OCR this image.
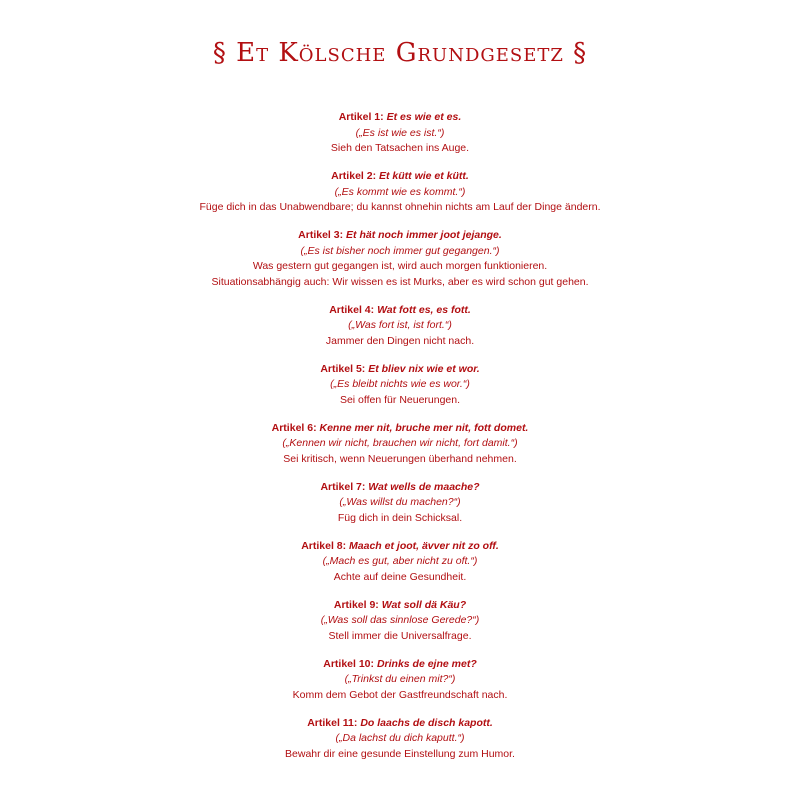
§ Et Kölsche Grundgesetz §
Artikel 1: Et es wie et es.
(„Es ist wie es ist.“)
Sieh den Tatsachen ins Auge.
Artikel 2: Et kütt wie et kütt.
(„Es kommt wie es kommt.“)
Füge dich in das Unabwendbare; du kannst ohnehin nichts am Lauf der Dinge ändern.
Artikel 3: Et hät noch immer joot jejange.
(„Es ist bisher noch immer gut gegangen.“)
Was gestern gut gegangen ist, wird auch morgen funktionieren.
Situationsabhängig auch: Wir wissen es ist Murks, aber es wird schon gut gehen.
Artikel 4: Wat fott es, es fott.
(„Was fort ist, ist fort.“)
Jammer den Dingen nicht nach.
Artikel 5: Et bliev nix wie et wor.
(„Es bleibt nichts wie es wor.“)
Sei offen für Neuerungen.
Artikel 6: Kenne mer nit, bruche mer nit, fott domet.
(„Kennen wir nicht, brauchen wir nicht, fort damit.“)
Sei kritisch, wenn Neuerungen überhand nehmen.
Artikel 7: Wat wells de maache?
(„Was willst du machen?“)
Füg dich in dein Schicksal.
Artikel 8: Maach et joot, ävver nit zo off.
(„Mach es gut, aber nicht zu oft.“)
Achte auf deine Gesundheit.
Artikel 9: Wat soll dä Käu?
(„Was soll das sinnlose Gerede?“)
Stell immer die Universalfrage.
Artikel 10: Drinks de ejne met?
(„Trinkst du einen mit?“)
Komm dem Gebot der Gastfreundschaft nach.
Artikel 11: Do laachs de disch kapott.
(„Da lachst du dich kaputt.“)
Bewahr dir eine gesunde Einstellung zum Humor.
